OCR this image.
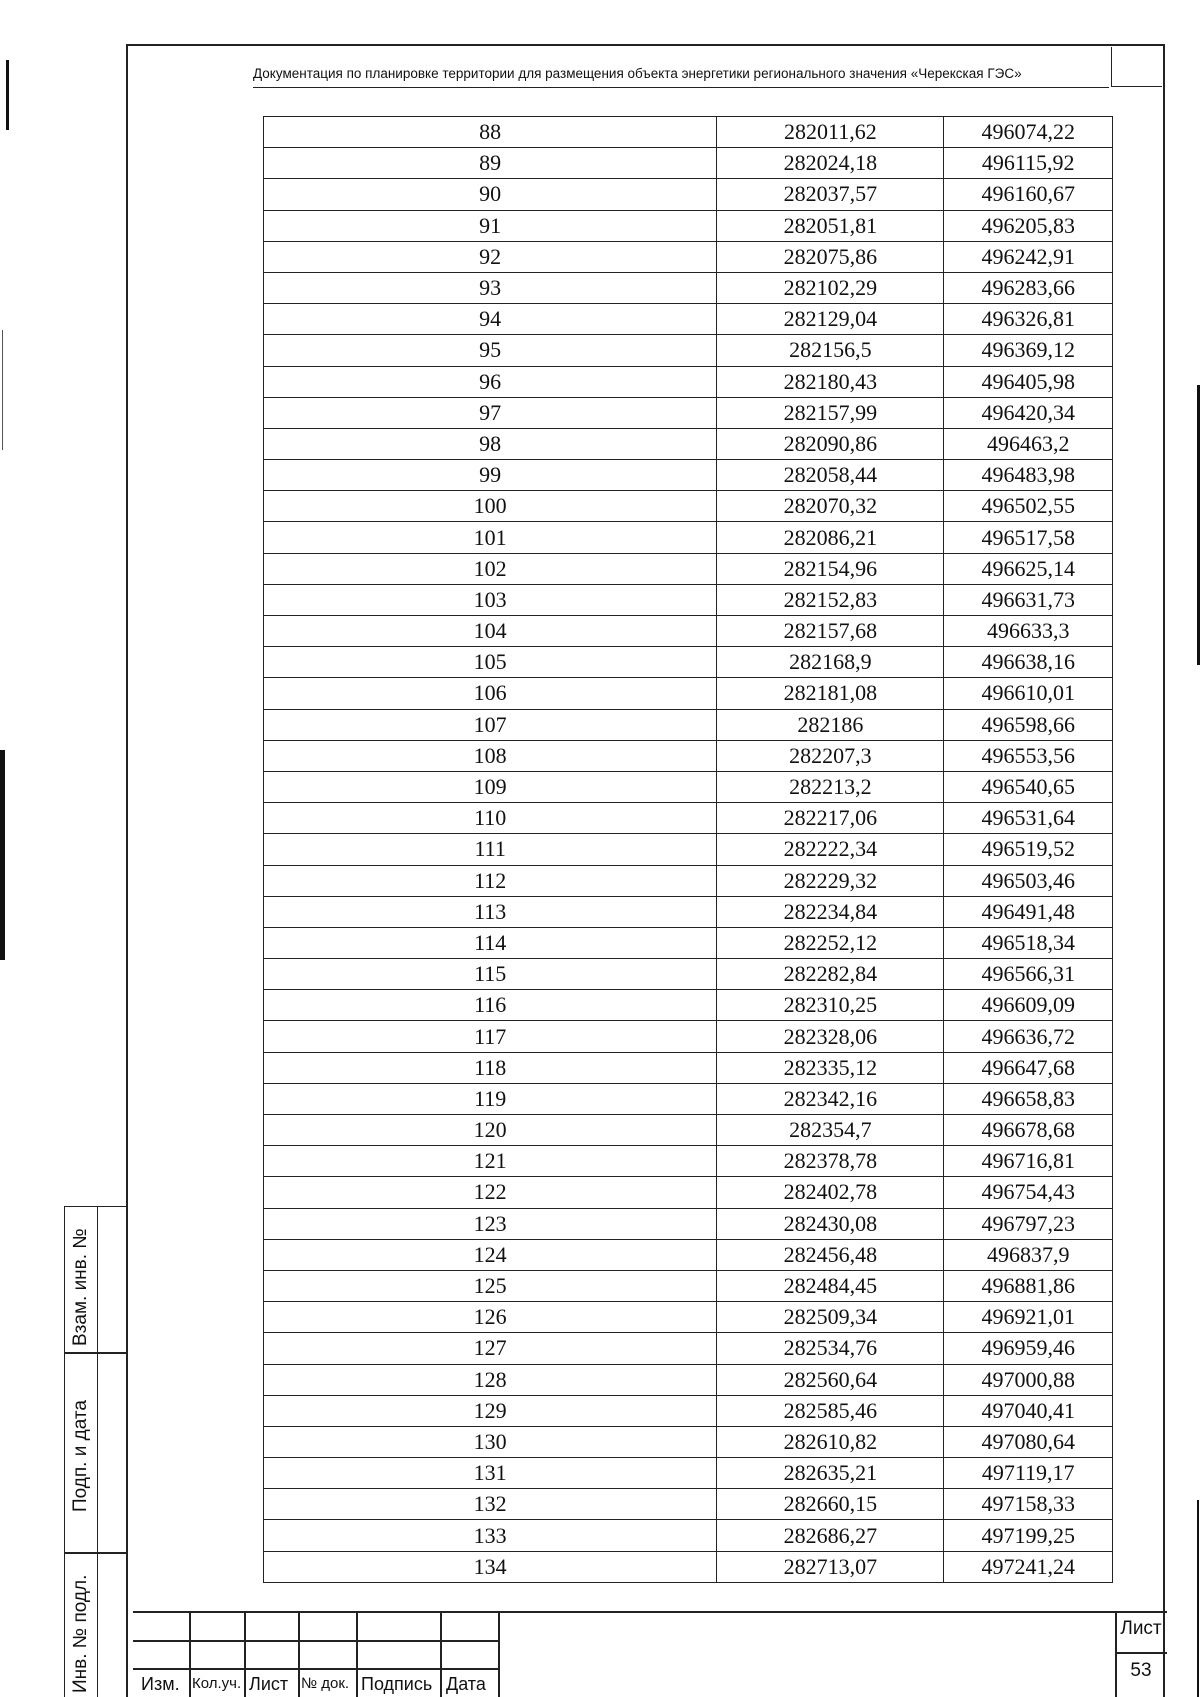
Документация по планировке территории для размещения объекта энергетики регионального значения «Черекская ГЭС»
88	282011,62	496074,22
89	282024,18	496115,92
90	282037,57	496160,67
91	282051,81	496205,83
92	282075,86	496242,91
93	282102,29	496283,66
94	282129,04	496326,81
95	282156,5	496369,12
96	282180,43	496405,98
97	282157,99	496420,34
98	282090,86	496463,2
99	282058,44	496483,98
100	282070,32	496502,55
101	282086,21	496517,58
102	282154,96	496625,14
103	282152,83	496631,73
104	282157,68	496633,3
105	282168,9	496638,16
106	282181,08	496610,01
107	282186	496598,66
108	282207,3	496553,56
109	282213,2	496540,65
110	282217,06	496531,64
111	282222,34	496519,52
112	282229,32	496503,46
113	282234,84	496491,48
114	282252,12	496518,34
115	282282,84	496566,31
116	282310,25	496609,09
117	282328,06	496636,72
118	282335,12	496647,68
119	282342,16	496658,83
120	282354,7	496678,68
121	282378,78	496716,81
122	282402,78	496754,43
123	282430,08	496797,23
124	282456,48	496837,9
125	282484,45	496881,86
126	282509,34	496921,01
127	282534,76	496959,46
128	282560,64	497000,88
129	282585,46	497040,41
130	282610,82	497080,64
131	282635,21	497119,17
132	282660,15	497158,33
133	282686,27	497199,25
134	282713,07	497241,24
Взам. инв. №
Подп. и дата
Инв. № подл.	Изм. Кол.уч. Лист № док. Подпись Дата
Лист
53
